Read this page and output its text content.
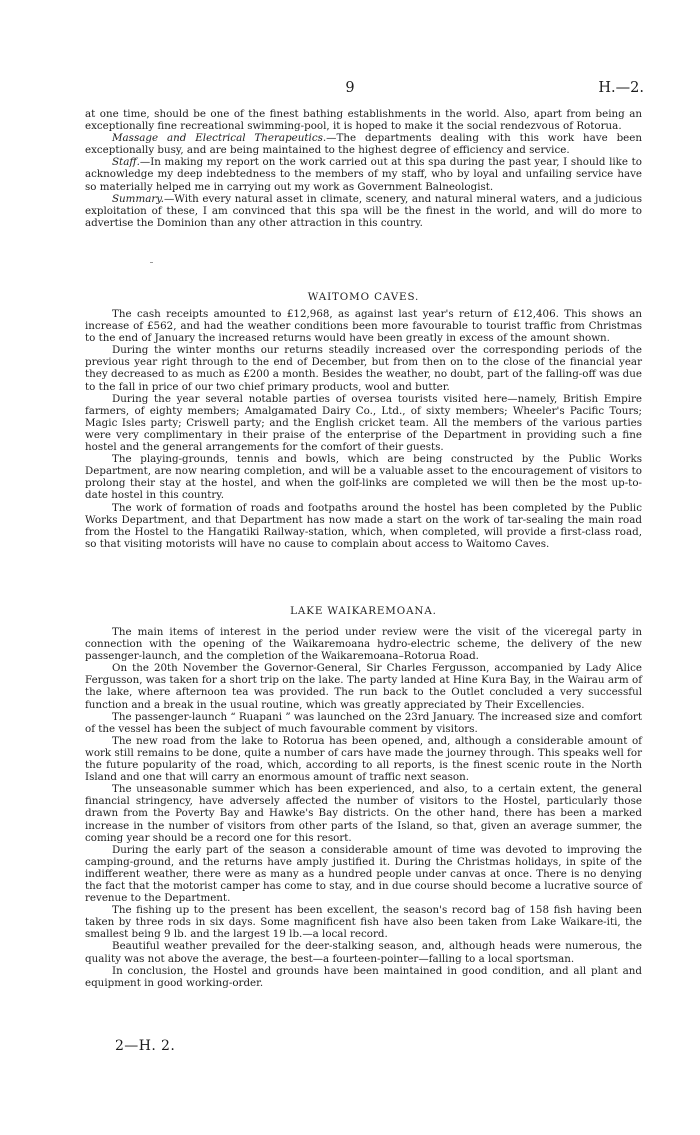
9	H.—2.

at one time, should be one of the finest bathing establishments in the world. Also, apart from being an exceptionally fine recreational swimming-pool, it is hoped to make it the social rendezvous of Rotorua.

Massage and Electrical Therapeutics.—The departments dealing with this work have been exceptionally busy, and are being maintained to the highest degree of efficiency and service.

Staff.—In making my report on the work carried out at this spa during the past year, I should like to acknowledge my deep indebtedness to the members of my staff, who by loyal and unfailing service have so materially helped me in carrying out my work as Government Balneologist.

Summary.—With every natural asset in climate, scenery, and natural mineral waters, and a judicious exploitation of these, I am convinced that this spa will be the finest in the world, and will do more to advertise the Dominion than any other attraction in this country.

WAITOMO CAVES.

The cash receipts amounted to £12,968, as against last year's return of £12,406. This shows an increase of £562, and had the weather conditions been more favourable to tourist traffic from Christmas to the end of January the increased returns would have been greatly in excess of the amount shown.

During the winter months our returns steadily increased over the corresponding periods of the previous year right through to the end of December, but from then on to the close of the financial year they decreased to as much as £200 a month. Besides the weather, no doubt, part of the falling-off was due to the fall in price of our two chief primary products, wool and butter.

During the year several notable parties of oversea tourists visited here—namely, British Empire farmers, of eighty members; Amalgamated Dairy Co., Ltd., of sixty members; Wheeler's Pacific Tours; Magic Isles party; Criswell party; and the English cricket team. All the members of the various parties were very complimentary in their praise of the enterprise of the Department in providing such a fine hostel and the general arrangements for the comfort of their guests.

The playing-grounds, tennis and bowls, which are being constructed by the Public Works Department, are now nearing completion, and will be a valuable asset to the encouragement of visitors to prolong their stay at the hostel, and when the golf-links are completed we will then be the most up-to-date hostel in this country.

The work of formation of roads and footpaths around the hostel has been completed by the Public Works Department, and that Department has now made a start on the work of tar-sealing the main road from the Hostel to the Hangatiki Railway-station, which, when completed, will provide a first-class road, so that visiting motorists will have no cause to complain about access to Waitomo Caves.

LAKE WAIKAREMOANA.

The main items of interest in the period under review were the visit of the viceregal party in connection with the opening of the Waikaremoana hydro-electric scheme, the delivery of the new passenger-launch, and the completion of the Waikaremoana–Rotorua Road.

On the 20th November the Governor-General, Sir Charles Fergusson, accompanied by Lady Alice Fergusson, was taken for a short trip on the lake. The party landed at Hine Kura Bay, in the Wairau arm of the lake, where afternoon tea was provided. The run back to the Outlet concluded a very successful function and a break in the usual routine, which was greatly appreciated by Their Excellencies.

The passenger-launch “ Ruapani ” was launched on the 23rd January. The increased size and comfort of the vessel has been the subject of much favourable comment by visitors.

The new road from the lake to Rotorua has been opened, and, although a considerable amount of work still remains to be done, quite a number of cars have made the journey through. This speaks well for the future popularity of the road, which, according to all reports, is the finest scenic route in the North Island and one that will carry an enormous amount of traffic next season.

The unseasonable summer which has been experienced, and also, to a certain extent, the general financial stringency, have adversely affected the number of visitors to the Hostel, particularly those drawn from the Poverty Bay and Hawke's Bay districts. On the other hand, there has been a marked increase in the number of visitors from other parts of the Island, so that, given an average summer, the coming year should be a record one for this resort.

During the early part of the season a considerable amount of time was devoted to improving the camping-ground, and the returns have amply justified it. During the Christmas holidays, in spite of the indifferent weather, there were as many as a hundred people under canvas at once. There is no denying the fact that the motorist camper has come to stay, and in due course should become a lucrative source of revenue to the Department.

The fishing up to the present has been excellent, the season's record bag of 158 fish having been taken by three rods in six days. Some magnificent fish have also been taken from Lake Waikare-iti, the smallest being 9 lb. and the largest 19 lb.—a local record.

Beautiful weather prevailed for the deer-stalking season, and, although heads were numerous, the quality was not above the average, the best—a fourteen-pointer—falling to a local sportsman.

In conclusion, the Hostel and grounds have been maintained in good condition, and all plant and equipment in good working-order.

2—H. 2.
